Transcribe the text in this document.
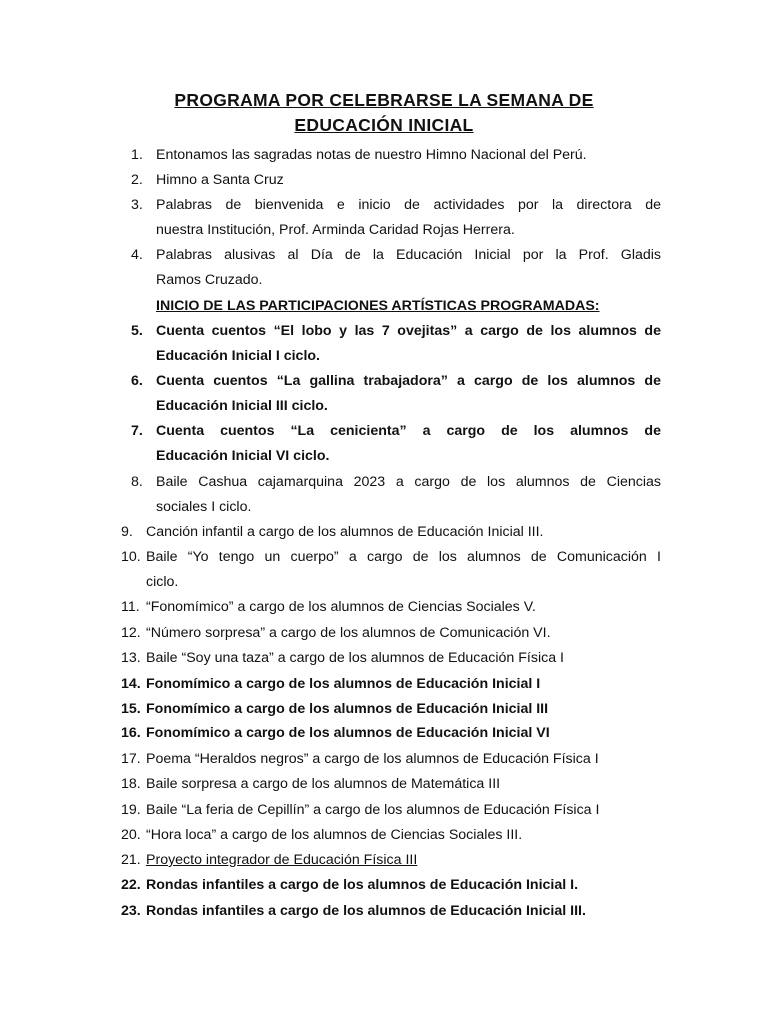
PROGRAMA POR CELEBRARSE LA SEMANA DE
EDUCACIÓN INICIAL
1. Entonamos las sagradas notas de nuestro Himno Nacional del Perú.
2. Himno a Santa Cruz
3. Palabras de bienvenida e inicio de actividades por la directora de
nuestra Institución, Prof. Arminda Caridad Rojas Herrera.
4. Palabras alusivas al Día de la Educación Inicial por la Prof. Gladis
Ramos Cruzado.
INICIO DE LAS PARTICIPACIONES ARTÍSTICAS PROGRAMADAS:
5. Cuenta cuentos “El lobo y las 7 ovejitas” a cargo de los alumnos de
Educación Inicial I ciclo.
6. Cuenta cuentos “La gallina trabajadora” a cargo de los alumnos de
Educación Inicial III ciclo.
7. Cuenta cuentos “La cenicienta” a cargo de los alumnos de
Educación Inicial VI ciclo.
8. Baile Cashua cajamarquina 2023 a cargo de los alumnos de Ciencias
sociales I ciclo.
9. Canción infantil a cargo de los alumnos de Educación Inicial III.
10. Baile “Yo tengo un cuerpo” a cargo de los alumnos de Comunicación I
ciclo.
11. “Fonomímico” a cargo de los alumnos de Ciencias Sociales V.
12. “Número sorpresa” a cargo de los alumnos de Comunicación VI.
13. Baile “Soy una taza” a cargo de los alumnos de Educación Física I
14. Fonomímico a cargo de los alumnos de Educación Inicial I
15. Fonomímico a cargo de los alumnos de Educación Inicial III
16. Fonomímico a cargo de los alumnos de Educación Inicial VI
17. Poema “Heraldos negros” a cargo de los alumnos de Educación Física I
18. Baile sorpresa a cargo de los alumnos de Matemática III
19. Baile “La feria de Cepillín” a cargo de los alumnos de Educación Física I
20. “Hora loca” a cargo de los alumnos de Ciencias Sociales III.
21. Proyecto integrador de Educación Física III
22. Rondas infantiles a cargo de los alumnos de Educación Inicial I.
23. Rondas infantiles a cargo de los alumnos de Educación Inicial III.
